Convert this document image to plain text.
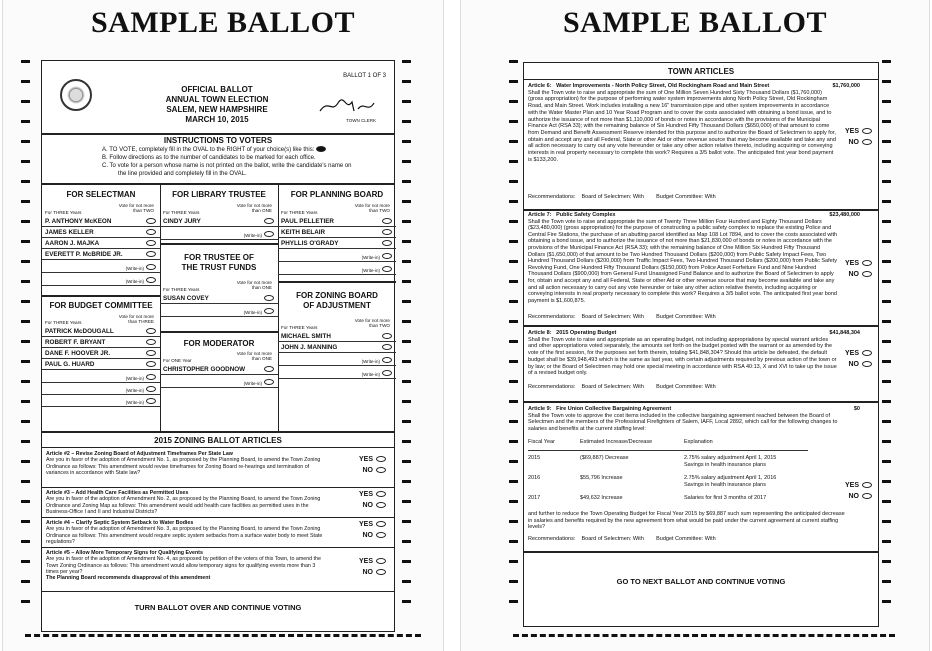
SAMPLE BALLOT
BALLOT 1 OF 3
OFFICIAL BALLOT
ANNUAL TOWN ELECTION
SALEM, NEW HAMPSHIRE
MARCH 10, 2015	TOWN CLERK
INSTRUCTIONS TO VOTERS
A. TO VOTE, completely fill in the OVAL to the RIGHT of your choice(s) like this:
B. Follow directions as to the number of candidates to be marked for each office.
C. To vote for a person whose name is not printed on the ballot, write the candidate's name on
the line provided and completely fill in the OVAL.
FOR SELECTMAN
For THREE Years
Vote for not more than TWO
P. ANTHONY McKEON
JAMES KELLER
AARON J. MAJKA
EVERETT P. McBRIDE JR.
(Write-in)
(Write-in)
FOR BUDGET COMMITTEE
For THREE Years
Vote for not more than THREE
PATRICK McDOUGALL
ROBERT F. BRYANT
DANE F. HOOVER JR.
PAUL G. HUARD
(Write-in)
(Write-in)
(Write-in)
FOR LIBRARY TRUSTEE
For THREE Years
Vote for not more than ONE
CINDY JURY
(Write-in)
FOR TRUSTEE OF
THE TRUST FUNDS
For THREE Years
Vote for not more than ONE
SUSAN COVEY
(Write-in)
FOR MODERATOR
For ONE Year
Vote for not more than ONE
CHRISTOPHER GOODNOW
(Write-in)
FOR PLANNING BOARD
For THREE Years
Vote for not more than TWO
PAUL PELLETIER
KEITH BELAIR
PHYLLIS O'GRADY
(Write-in)
(Write-in)
FOR ZONING BOARD
OF ADJUSTMENT
For THREE Years
Vote for not more than TWO
MICHAEL SMITH
JOHN J. MANNING
(Write-in)
(Write-in)
2015 ZONING BALLOT ARTICLES
Article #2 – Revise Zoning Board of Adjustment Timeframes Per State Law
Are you in favor of the adoption of Amendment No. 1, as proposed by the Planning Board, to amend the Town Zoning Ordinance as follows: This amendment would revise timeframes for Zoning Board re-hearings and termination of variances in accordance with State law?
YES
NO
Article #3 – Add Health Care Facilities as Permitted Uses
Are you in favor of the adoption of Amendment No. 2, as proposed by the Planning Board, to amend the Town Zoning Ordinance and Zoning Map as follows: This amendment would add health care facilities as permitted uses in the Business-Office I and II and Industrial Districts?
YES
NO
Article #4 – Clarify Septic System Setback to Water Bodies
Are you in favor of the adoption of Amendment No. 3, as proposed by the Planning Board, to amend the Town Zoning Ordinance as follows: This amendment would require septic system setbacks from a surface water body to meet State regulations?
YES
NO
Article #5 – Allow More Temporary Signs for Qualifying Events
Are you in favor of the adoption of Amendment No. 4, as proposed by petition of the voters of this Town, to amend the Town Zoning Ordinance as follows: This amendment would allow temporary signs for qualifying events more than 3 times per year?
The Planning Board recommends disapproval of this amendment
YES
NO
TURN BALLOT OVER AND CONTINUE VOTING
SAMPLE BALLOT
TOWN ARTICLES
Article 6: Water Improvements - North Policy Street, Old Rockingham Road and Main Street	$1,760,000
Shall the Town vote to raise and appropriate the sum of One Million Seven Hundred Sixty Thousand Dollars ($1,760,000) (gross appropriation) for the purpose of performing water system improvements along North Policy Street, Old Rockingham Road, and Main Street. Work includes installing a new 16" transmission pipe and other system improvements in accordance with the Water Master Plan and 10 Year Road Program and to cover the costs associated with obtaining a bond issue, and to authorize the issuance of not more than $1,110,000 of bonds or notes in accordance with the provisions of the Municipal Finance Act (RSA 33); with the remaining balance of Six Hundred Fifty Thousand Dollars ($650,000) of that amount to come from Demand and Benefit Assessment Reserve intended for this purpose and to authorize the Board of Selectmen to apply for, obtain and accept any and all Federal, State or other Aid or other revenue source that may become available and take any and all action necessary to carry out any vote hereunder or take any other action relative thereto, including acquiring or conveying interests in real property necessary to complete this work? Requires a 3/5 ballot vote. The anticipated first year bond payment is $133,200.
YES
NO
Recommendations: Board of Selectmen: With Budget Committee: With
Article 7: Public Safety Complex	$23,480,000
Shall the Town vote to raise and appropriate the sum of Twenty Three Million Four Hundred and Eighty Thousand Dollars ($23,480,000) (gross appropriation) for the purpose of constructing a public safety complex to replace the existing Police and Central Fire Stations, the purchase of an abutting parcel identified as Map 108 Lot 7894, and to cover the costs associated with obtaining a bond issue, and to authorize the issuance of not more than $21,830,000 of bonds or notes in accordance with the provisions of the Municipal Finance Act (RSA 33); with the remaining balance of One Million Six Hundred Fifty Thousand Dollars ($1,650,000) of that amount to be Two Hundred Thousand Dollars ($200,000) from Public Safety Impact Fees, Two Hundred Thousand Dollars ($200,000) from Traffic Impact Fees, Two Hundred Thousand Dollars ($200,000) from Public Safety Revolving Fund, One Hundred Fifty Thousand Dollars ($150,000) from Police Asset Forfeiture Fund and Nine Hundred Thousand Dollars ($900,000) from General Fund Unassigned Fund Balance and to authorize the Board of Selectmen to apply for, obtain and accept any and all Federal, State or other Aid or other revenue source that may become available and take any and all action necessary to carry out any vote hereunder or take any other action relative thereto, including acquiring or conveying interests in real property necessary to complete this work? Requires a 3/5 ballot vote. The anticipated first year bond payment is $1,600,875.
YES
NO
Recommendations: Board of Selectmen: With Budget Committee: With
Article 8: 2015 Operating Budget	$41,848,304
Shall the Town vote to raise and appropriate as an operating budget, not including appropriations by special warrant articles and other appropriations voted separately, the amounts set forth on the budget posted with the warrant or as amended by the vote of the first session, for the purposes set forth therein, totaling $41,848,304? Should this article be defeated, the default budget shall be $39,948,493 which is the same as last year, with certain adjustments required by previous action of the town or by law; or the Board of Selectmen may hold one special meeting in accordance with RSA 40:13, X and XVI to take up the issue of a revised budget only.
YES
NO
Recommendations: Board of Selectmen: With Budget Committee: With
Article 9: Fire Union Collective Bargaining Agreement	$0
Shall the Town vote to approve the cost items included in the collective bargaining agreement reached between the Board of Selectmen and the members of the Professional Firefighters of Salem, IAFF, Local 2892, which call for the following changes to salaries and benefits at the current staffing level:
Fiscal Year	Estimated Increase/Decrease	Explanation
2015	($69,887) Decrease	2.75% salary adjustment April 1, 2015
Savings in health insurance plans
2016	$55,796 Increase	2.75% salary adjustment April 1, 2016
Savings in health insurance plans
2017	$49,632 Increase	Salaries for first 3 months of 2017
YES
NO
and further to reduce the Town Operating Budget for Fiscal Year 2015 by $69,887 such sum representing the anticipated decrease in salaries and benefits required by the new agreement from what would be paid under the current agreement at current staffing levels?
Recommendations: Board of Selectmen: With Budget Committee: With
GO TO NEXT BALLOT AND CONTINUE VOTING
